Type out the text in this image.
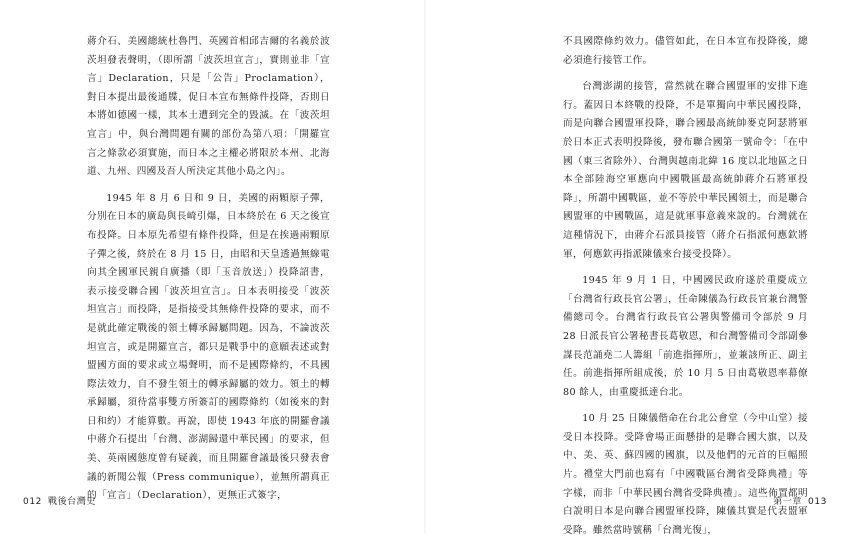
蔣介石、美國總統杜魯門、英國首相邱吉爾的名義於波茨坦發表聲明，（即所謂「波茨坦宣言」，實則並非「宣言」Declaration，只是「公告」Proclamation），對日本提出最後通牒，促日本宣布無條件投降，否則日本將如德國一樣，其本土遭到完全的毀滅。在「波茨坦宣言」中，與台灣問題有關的部份為第八項：「開羅宣言之條款必須實施，而日本之主權必將限於本州、北海道、九州、四國及吾人所決定其他小島之內」。

1945 年 8 月 6 日和 9 日，美國的兩顆原子彈，分別在日本的廣島與長崎引爆，日本終於在 6 天之後宣布投降。日本原先希望有條件投降，但是在挨過兩顆原子彈之後，終於在 8 月 15 日，由昭和天皇透過無線電向其全國軍民親自廣播（即「玉音放送」）投降詔書，表示接受聯合國「波茨坦宣言」。日本表明接受「波茨坦宣言」而投降，是指接受其無條件投降的要求，而不是就此確定戰後的領土轉承歸屬問題。因為，不論波茨坦宣言，或是開羅宣言，都只是戰爭中的意願表述或對盟國方面的要求或立場聲明，而不是國際條約，不具國際法效力，自不發生領土的轉承歸屬的效力。領土的轉承歸屬，須待當事雙方所簽訂的國際條約（如後來的對日和約）才能算數。再說，即使 1943 年底的開羅會議中蔣介石提出「台灣、澎湖歸還中華民國」的要求，但美、英兩國態度曾有疑義，而且開羅會議最後只發表會議的新聞公報（Press communique），並無所謂真正的「宣言」（Declaration），更無正式簽字，

012 戰後台灣史

不具國際條約效力。儘管如此，在日本宣布投降後，總必須進行接管工作。

台灣澎湖的接管，當然就在聯合國盟軍的安排下進行。蓋因日本終戰的投降，不是單獨向中華民國投降，而是向聯合國盟軍投降，聯合國最高統帥麥克阿瑟將軍於日本正式表明投降後，發布聯合國第一號命令：「在中國（東三省除外）、台灣與越南北緯 16 度以北地區之日本全部陸海空軍應向中國戰區最高統帥蔣介石將軍投降」，所謂中國戰區，並不等於中華民國領土，而是聯合國盟軍的中國戰區，這是就軍事意義來說的。台灣就在這種情況下，由蔣介石派員接管（蔣介石指派何應欽將軍，何應欽再指派陳儀來台接受投降）。

1945 年 9 月 1 日，中國國民政府遂於重慶成立「台灣省行政長官公署」，任命陳儀為行政長官兼台灣警備總司令。台灣省行政長官公署與警備司令部於 9 月 28 日派長官公署秘書長葛敬恩，和台灣警備司令部副參謀長范誦堯二人籌組「前進指揮所」，並兼該所正、副主任。前進指揮所組成後，於 10 月 5 日由葛敬恩率幕僚 80 餘人，由重慶抵達台北。

10 月 25 日陳儀偕命在台北公會堂（今中山堂）接受日本投降。受降會場正面懸掛的是聯合國大旗，以及中、美、英、蘇四國的國旗，以及他們的元首的巨幅照片。禮堂大門前也寫有「中國戰區台灣省受降典禮」等字樣，而非「中華民國台灣省受降典禮」。這些佈置都明白說明日本是向聯合國盟軍投降，陳儀其實是代表盟軍受降。雖然當時號稱「台灣光復」，

第一章 013
